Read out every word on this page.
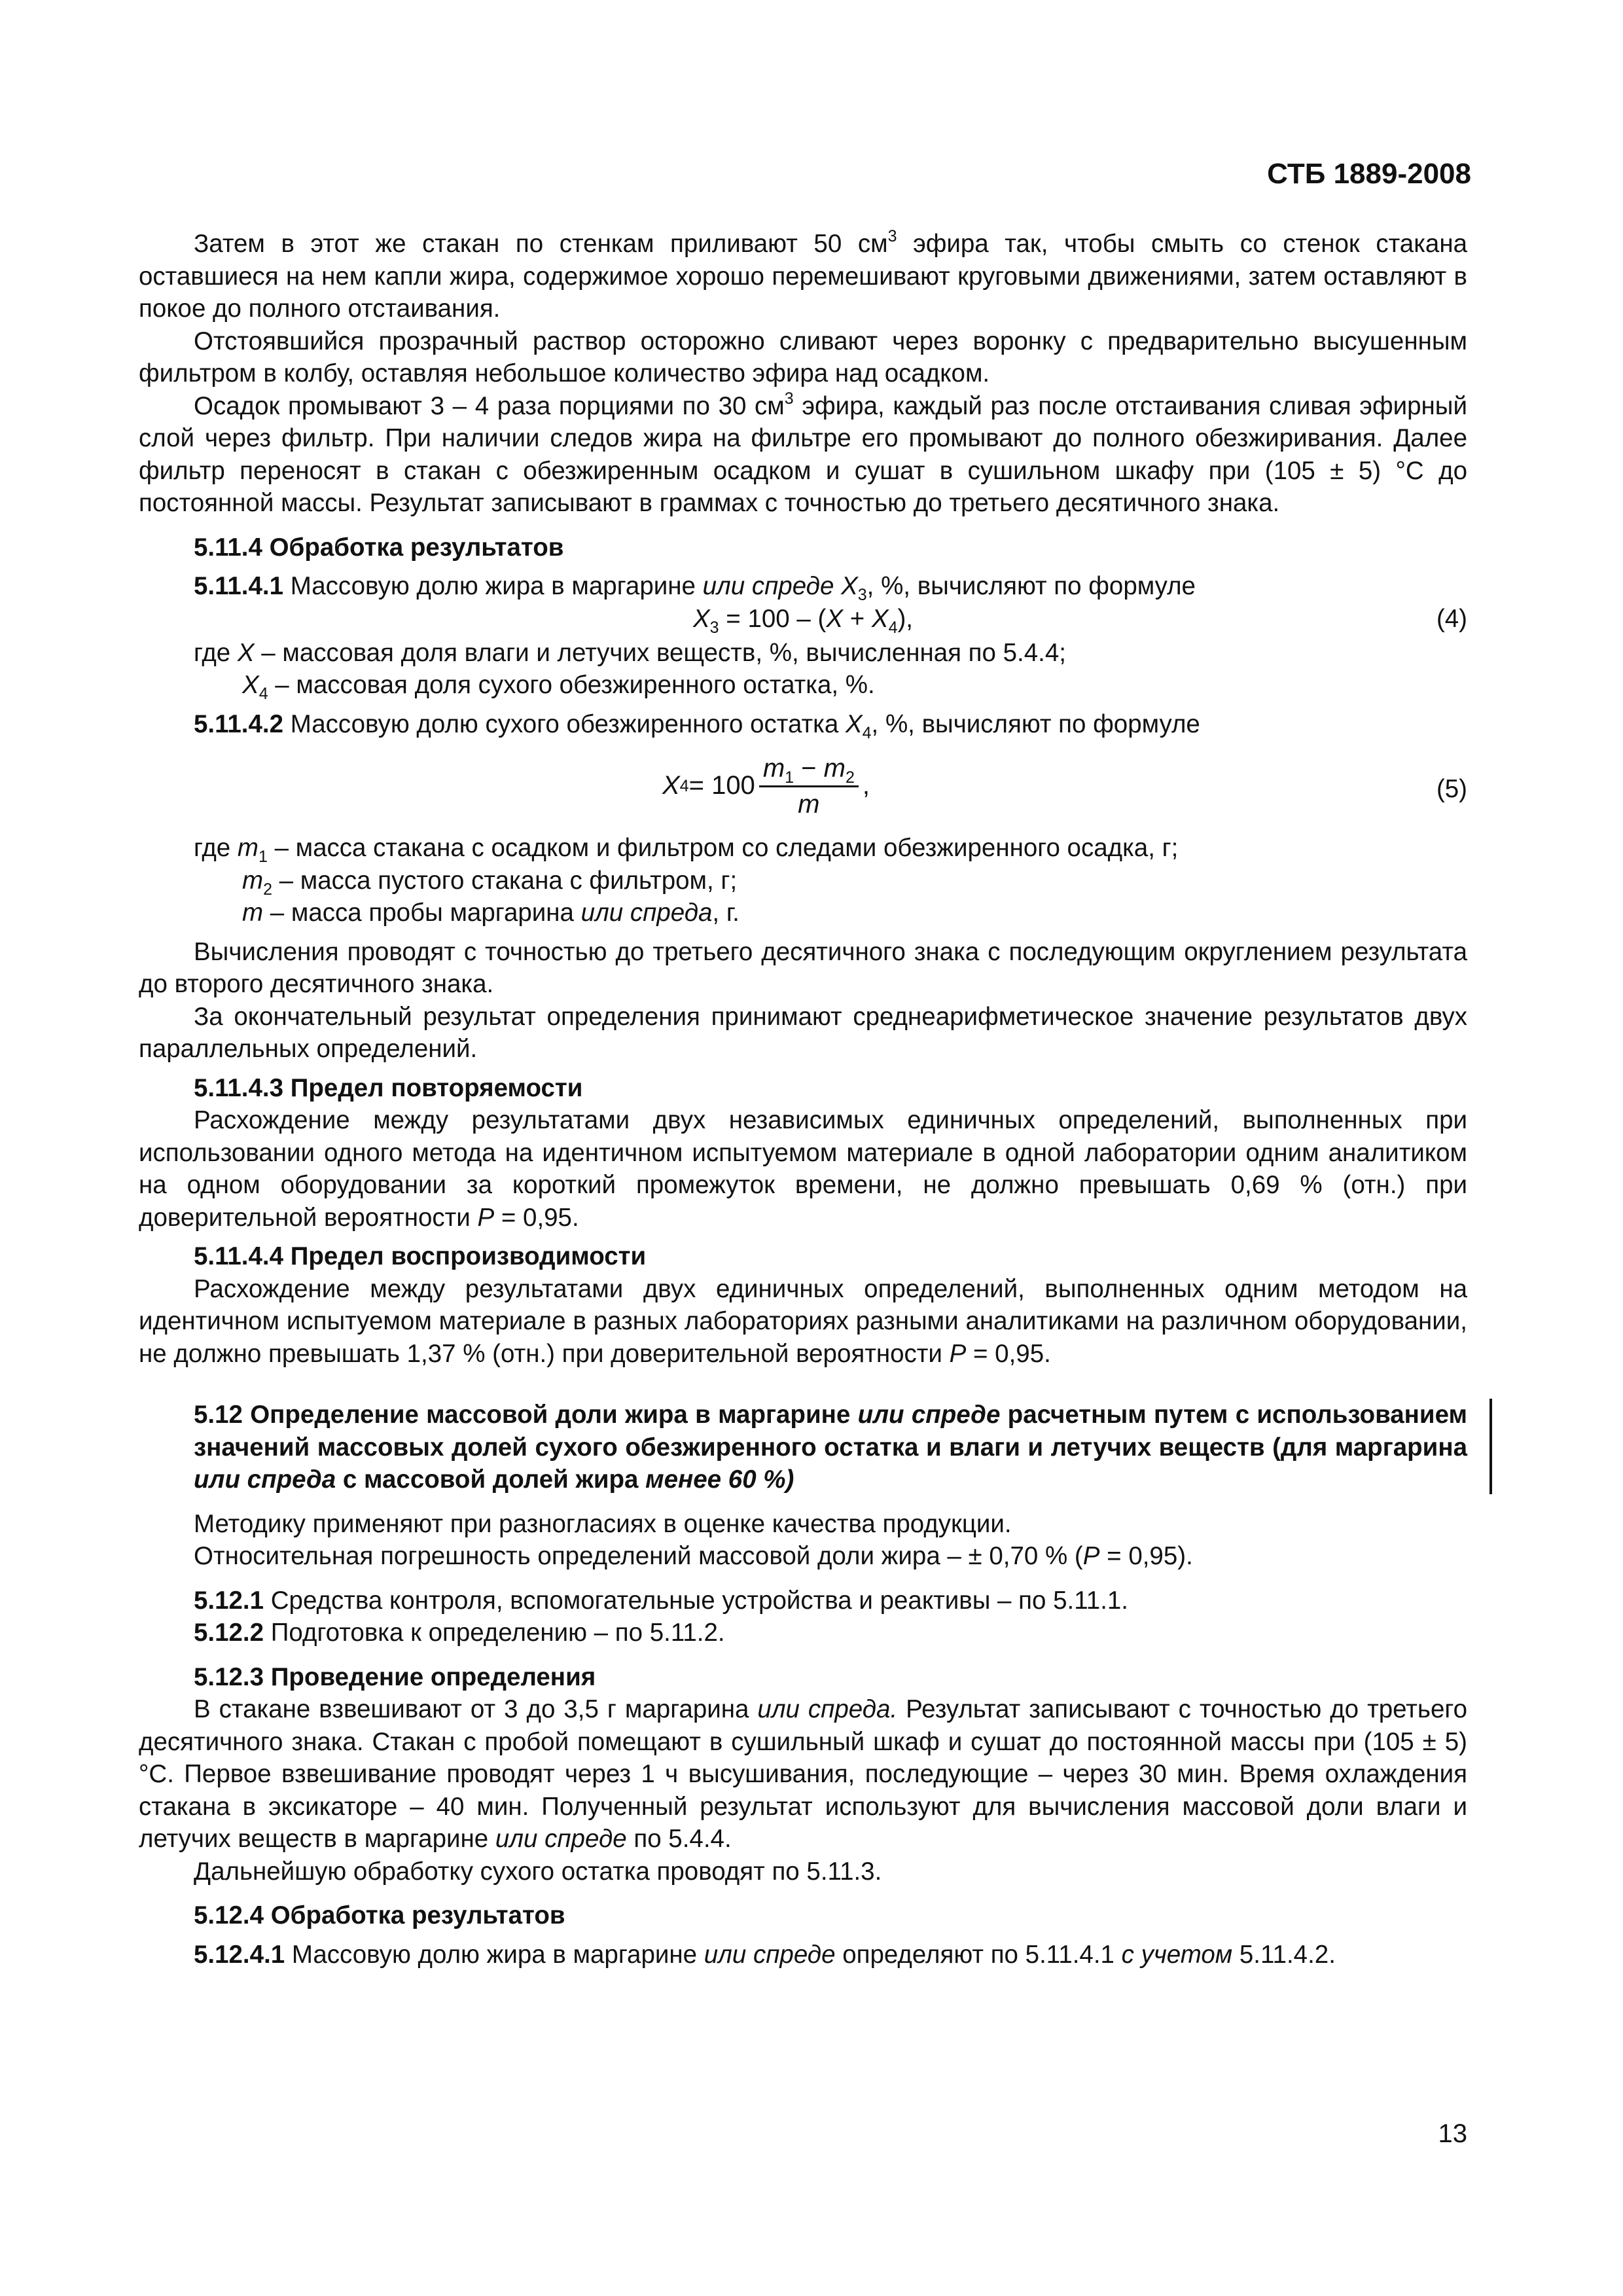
СТБ 1889-2008

Затем в этот же стакан по стенкам приливают 50 $см^3$ эфира так, чтобы смыть со стенок стакана оставшиеся на нем капли жира, содержимое хорошо перемешивают круговыми движениями, затем оставляют в покое до полного отстаивания.

Отстоявшийся прозрачный раствор осторожно сливают через воронку с предварительно высушенным фильтром в колбу, оставляя небольшое количество эфира над осадком.

Осадок промывают 3 – 4 раза порциями по 30 $см^3$ эфира, каждый раз после отстаивания сливая эфирный слой через фильтр. При наличии следов жира на фильтре его промывают до полного обезжиривания. Далее фильтр переносят в стакан с обезжиренным осадком и сушат в сушильном шкафу при (105 ± 5) °С до постоянной массы. Результат записывают в граммах с точностью до третьего десятичного знака.

5.11.4 Обработка результатов

5.11.4.1 Массовую долю жира в маргарине или спреде $X_3$, %, вычисляют по формуле

$X_3 = 100 - (X + X_4)$,	(4)

где X – массовая доля влаги и летучих веществ, %, вычисленная по 5.4.4;

$X_4$ – массовая доля сухого обезжиренного остатка, %.

5.11.4.2 Массовую долю сухого обезжиренного остатка $X_4$, %, вычисляют по формуле

X $4 = 100 \frac{m_1 - m_2}{m}$ ,	(5)

где $m_1$ – масса стакана с осадком и фильтром со следами обезжиренного осадка, г;

$m_2$ – масса пустого стакана с фильтром, г;

m – масса пробы маргарина или спреда, г.

Вычисления проводят с точностью до третьего десятичного знака с последующим округлением результата до второго десятичного знака.

За окончательный результат определения принимают среднеарифметическое значение результатов двух параллельных определений.

5.11.4.3 Предел повторяемости

Расхождение между результатами двух независимых единичных определений, выполненных при использовании одного метода на идентичном испытуемом материале в одной лаборатории одним аналитиком на одном оборудовании за короткий промежуток времени, не должно превышать 0,69 % (отн.) при доверительной вероятности Р = 0,95.

5.11.4.4 Предел воспроизводимости

Расхождение между результатами двух единичных определений, выполненных одним методом на идентичном испытуемом материале в разных лабораториях разными аналитиками на различном оборудовании, не должно превышать 1,37 % (отн.) при доверительной вероятности Р = 0,95.

5.12 Определение массовой доли жира в маргарине или спреде расчетным путем с использованием значений массовых долей сухого обезжиренного остатка и влаги и летучих веществ (для маргарина или спреда с массовой долей жира менее 60 %)

Методику применяют при разногласиях в оценке качества продукции.

Относительная погрешность определений массовой доли жира – ± 0,70 % (Р = 0,95).

5.12.1 Средства контроля, вспомогательные устройства и реактивы – по 5.11.1.

5.12.2 Подготовка к определению – по 5.11.2.

5.12.3 Проведение определения

В стакане взвешивают от 3 до 3,5 г маргарина или спреда. Результат записывают с точностью до третьего десятичного знака. Стакан с пробой помещают в сушильный шкаф и сушат до постоянной массы при (105 ± 5) °С. Первое взвешивание проводят через 1 ч высушивания, последующие – через 30 мин. Время охлаждения стакана в эксикаторе – 40 мин. Полученный результат используют для вычисления массовой доли влаги и летучих веществ в маргарине или спреде по 5.4.4.

Дальнейшую обработку сухого остатка проводят по 5.11.3.

5.12.4 Обработка результатов

5.12.4.1 Массовую долю жира в маргарине или спреде определяют по 5.11.4.1 с учетом 5.11.4.2.

13
